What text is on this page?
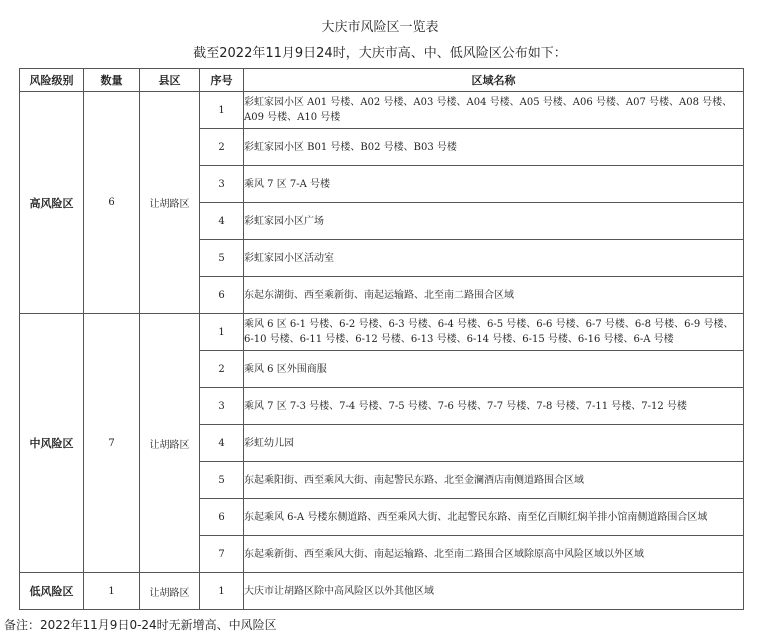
大庆市风险区一览表
截至2022年11月9日24时，大庆市高、中、低风险区公布如下：
风险级别	数量	县区	序号	区域名称
高风险区	6	让胡路区	1	彩虹家园小区 A01 号楼、A02 号楼、A03 号楼、A04 号楼、A05 号楼、A06 号楼、A07 号楼、A08 号楼、A09 号楼、A10 号楼
			2	彩虹家园小区 B01 号楼、B02 号楼、B03 号楼
			3	乘风 7 区 7-A 号楼
			4	彩虹家园小区广场
			5	彩虹家园小区活动室
			6	东起东湖街、西至乘新街、南起运输路、北至南二路围合区域
中风险区	7	让胡路区	1	乘风 6 区 6-1 号楼、6-2 号楼、6-3 号楼、6-4 号楼、6-5 号楼、6-6 号楼、6-7 号楼、6-8 号楼、6-9 号楼、6-10 号楼、6-11 号楼、6-12 号楼、6-13 号楼、6-14 号楼、6-15 号楼、6-16 号楼、6-A 号楼
			2	乘风 6 区外围商服
			3	乘风 7 区 7-3 号楼、7-4 号楼、7-5 号楼、7-6 号楼、7-7 号楼、7-8 号楼、7-11 号楼、7-12 号楼
			4	彩虹幼儿园
			5	东起乘阳街、西至乘风大街、南起警民东路、北至金澜酒店南侧道路围合区域
			6	东起乘风 6-A 号楼东侧道路、西至乘风大街、北起警民东路、南至亿百顺红焖羊排小馆南侧道路围合区域
			7	东起乘新街、西至乘风大街、南起运输路、北至南二路围合区域除原高中风险区域以外区域
低风险区	1	让胡路区	1	大庆市让胡路区除中高风险区以外其他区域
备注：2022年11月9日0-24时无新增高、中风险区
